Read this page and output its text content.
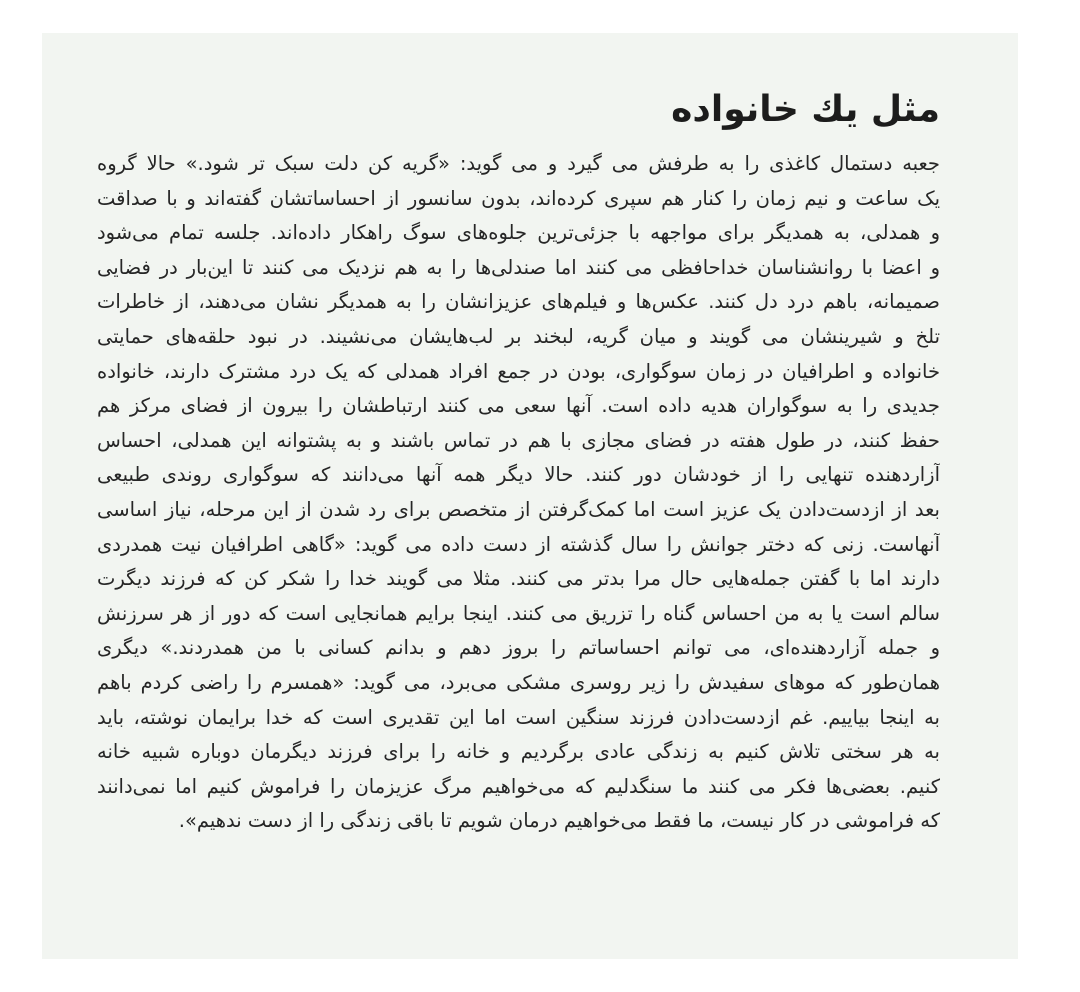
مثل یك خانواده
جعبه دستمال کاغذی را به طرفش می گیرد و می گوید: «گریه کن دلت سبک تر شود.» حالا گروه
یک ساعت و نیم زمان را کنار هم سپری کرده‌اند، بدون سانسور از احساساتشان گفته‌اند و با صداقت
و همدلی، به همدیگر برای مواجهه با جزئی‌ترین جلوه‌های سوگ راهکار داده‌اند. جلسه تمام می‌شود
و اعضا با روانشناسان خداحافظی می کنند اما صندلی‌ها را به هم نزدیک می کنند تا این‌بار در فضایی
صمیمانه، باهم درد دل کنند. عکس‌ها و فیلم‌های عزیزانشان را به همدیگر نشان می‌دهند، از خاطرات
تلخ و شیرینشان می گویند و میان گریه، لبخند بر لب‌هایشان می‌نشیند. در نبود حلقه‌های حمایتی
خانواده و اطرافیان در زمان سوگواری، بودن در جمع افراد همدلی که یک درد مشترک دارند، خانواده
جدیدی را به سوگواران هدیه داده است. آنها سعی می کنند ارتباطشان را بیرون از فضای مرکز هم
حفظ کنند، در طول هفته در فضای مجازی با هم در تماس باشند و به پشتوانه این همدلی، احساس
آزاردهنده تنهایی را از خودشان دور کنند. حالا دیگر همه آنها می‌دانند که سوگواری روندی طبیعی
بعد از ازدست‌دادن یک عزیز است اما کمک‌گرفتن از متخصص برای رد شدن از این مرحله، نیاز اساسی
آنهاست. زنی که دختر جوانش را سال گذشته از دست داده می گوید: «گاهی اطرافیان نیت همدردی
دارند اما با گفتن جمله‌هایی حال مرا بدتر می کنند. مثلا می گویند خدا را شکر کن که فرزند دیگرت
سالم است یا به من احساس گناه را تزریق می کنند. اینجا برایم همانجایی است که دور از هر سرزنش
و جمله آزاردهنده‌ای، می توانم احساساتم را بروز دهم و بدانم کسانی با من همدردند.» دیگری
همان‌طور که موهای سفیدش را زیر روسری مشکی می‌برد، می گوید: «همسرم را راضی کردم باهم
به اینجا بیاییم. غم ازدست‌دادن فرزند سنگین است اما این تقدیری است که خدا برایمان نوشته، باید
به هر سختی تلاش کنیم به زندگی عادی برگردیم و خانه را برای فرزند دیگرمان دوباره شبیه خانه
کنیم. بعضی‌ها فکر می کنند ما سنگدلیم که می‌خواهیم مرگ عزیزمان را فراموش کنیم اما نمی‌دانند
که فراموشی در کار نیست، ما فقط می‌خواهیم درمان شویم تا باقی زندگی را از دست ندهیم».
